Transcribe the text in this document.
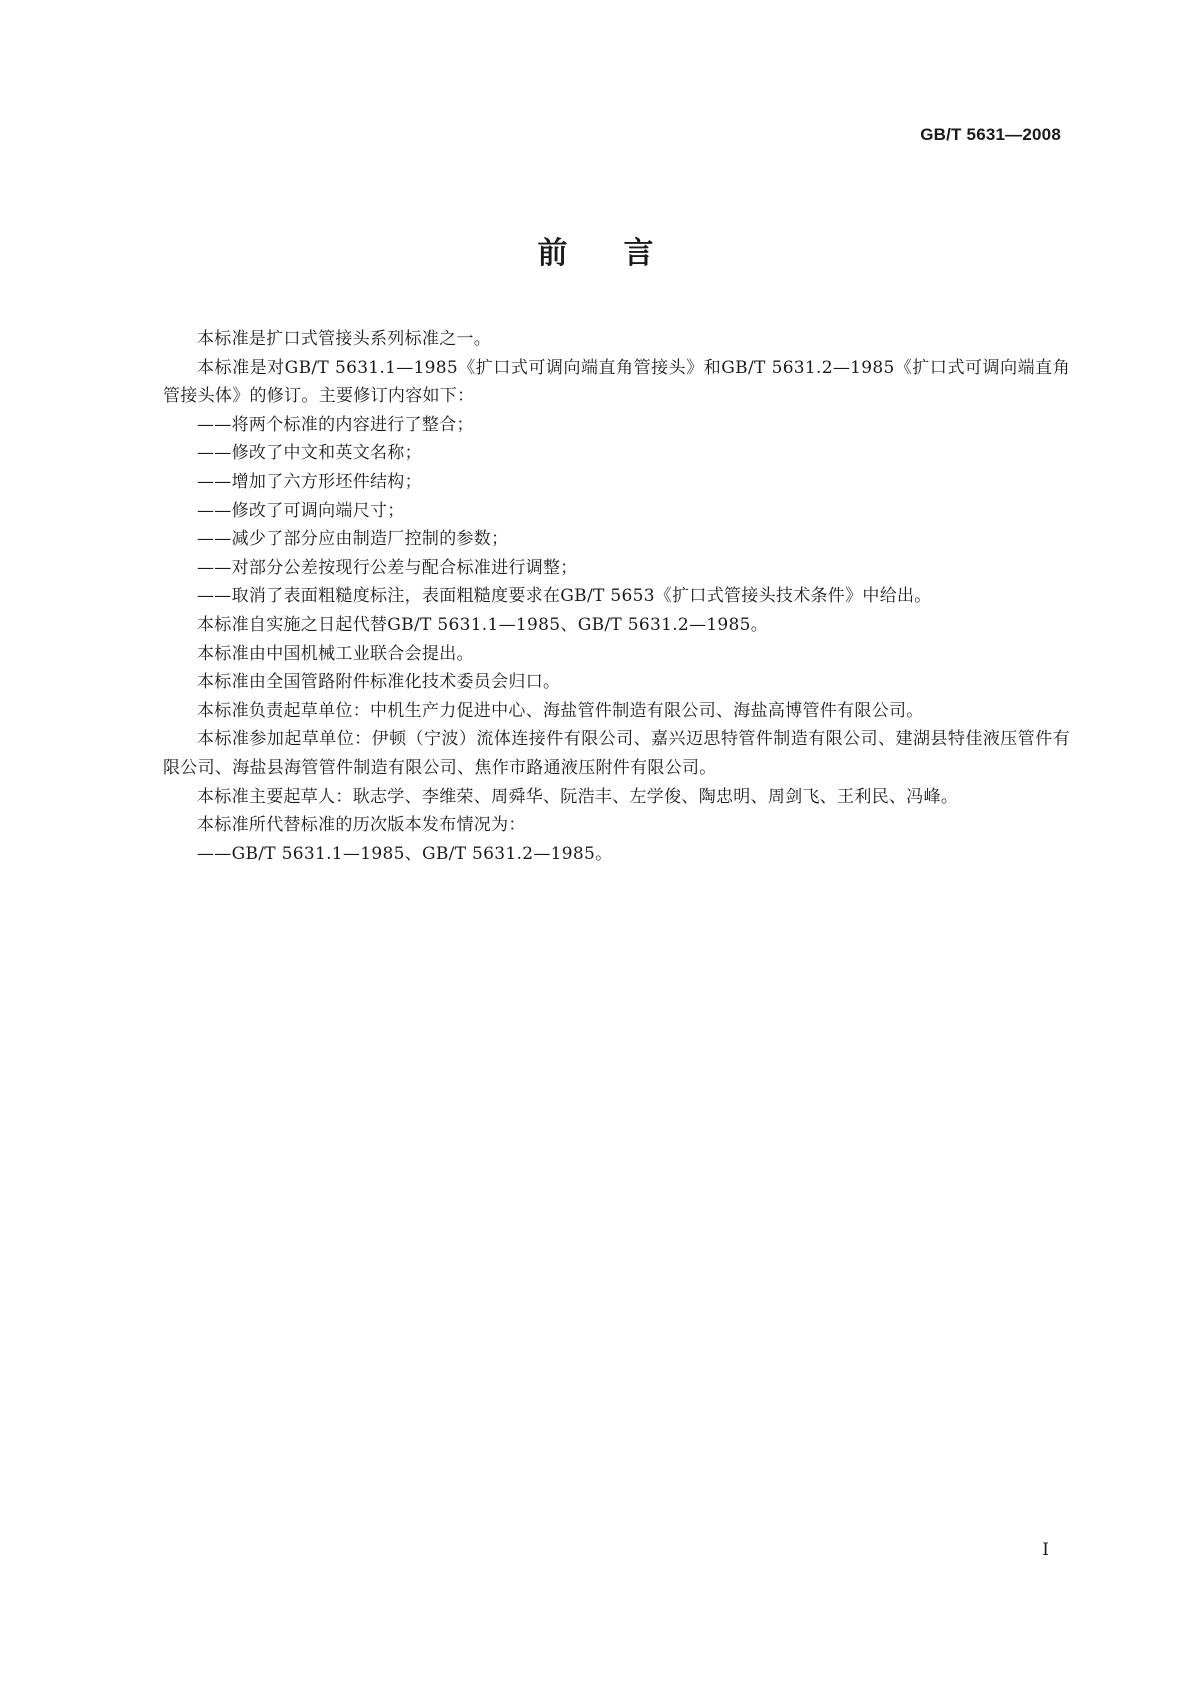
GB/T 5631—2008
前言

本标准是扩口式管接头系列标准之一。

本标准是对GB/T 5631.1—1985《扩口式可调向端直角管接头》和GB/T 5631.2—1985《扩口式可调向端直角管接头体》的修订。主要修订内容如下：

——将两个标准的内容进行了整合；

——修改了中文和英文名称；

——增加了六方形坯件结构；

——修改了可调向端尺寸；

——减少了部分应由制造厂控制的参数；

——对部分公差按现行公差与配合标准进行调整；

——取消了表面粗糙度标注，表面粗糙度要求在GB/T 5653《扩口式管接头技术条件》中给出。

本标准自实施之日起代替GB/T 5631.1—1985、GB/T 5631.2—1985。

本标准由中国机械工业联合会提出。

本标准由全国管路附件标准化技术委员会归口。

本标准负责起草单位：中机生产力促进中心、海盐管件制造有限公司、海盐高博管件有限公司。

本标准参加起草单位：伊顿（宁波）流体连接件有限公司、嘉兴迈思特管件制造有限公司、建湖县特佳液压管件有限公司、海盐县海管管件制造有限公司、焦作市路通液压附件有限公司。

本标准主要起草人：耿志学、李维荣、周舜华、阮浩丰、左学俊、陶忠明、周剑飞、王利民、冯峰。

本标准所代替标准的历次版本发布情况为：

——GB/T 5631.1—1985、GB/T 5631.2—1985。

I
